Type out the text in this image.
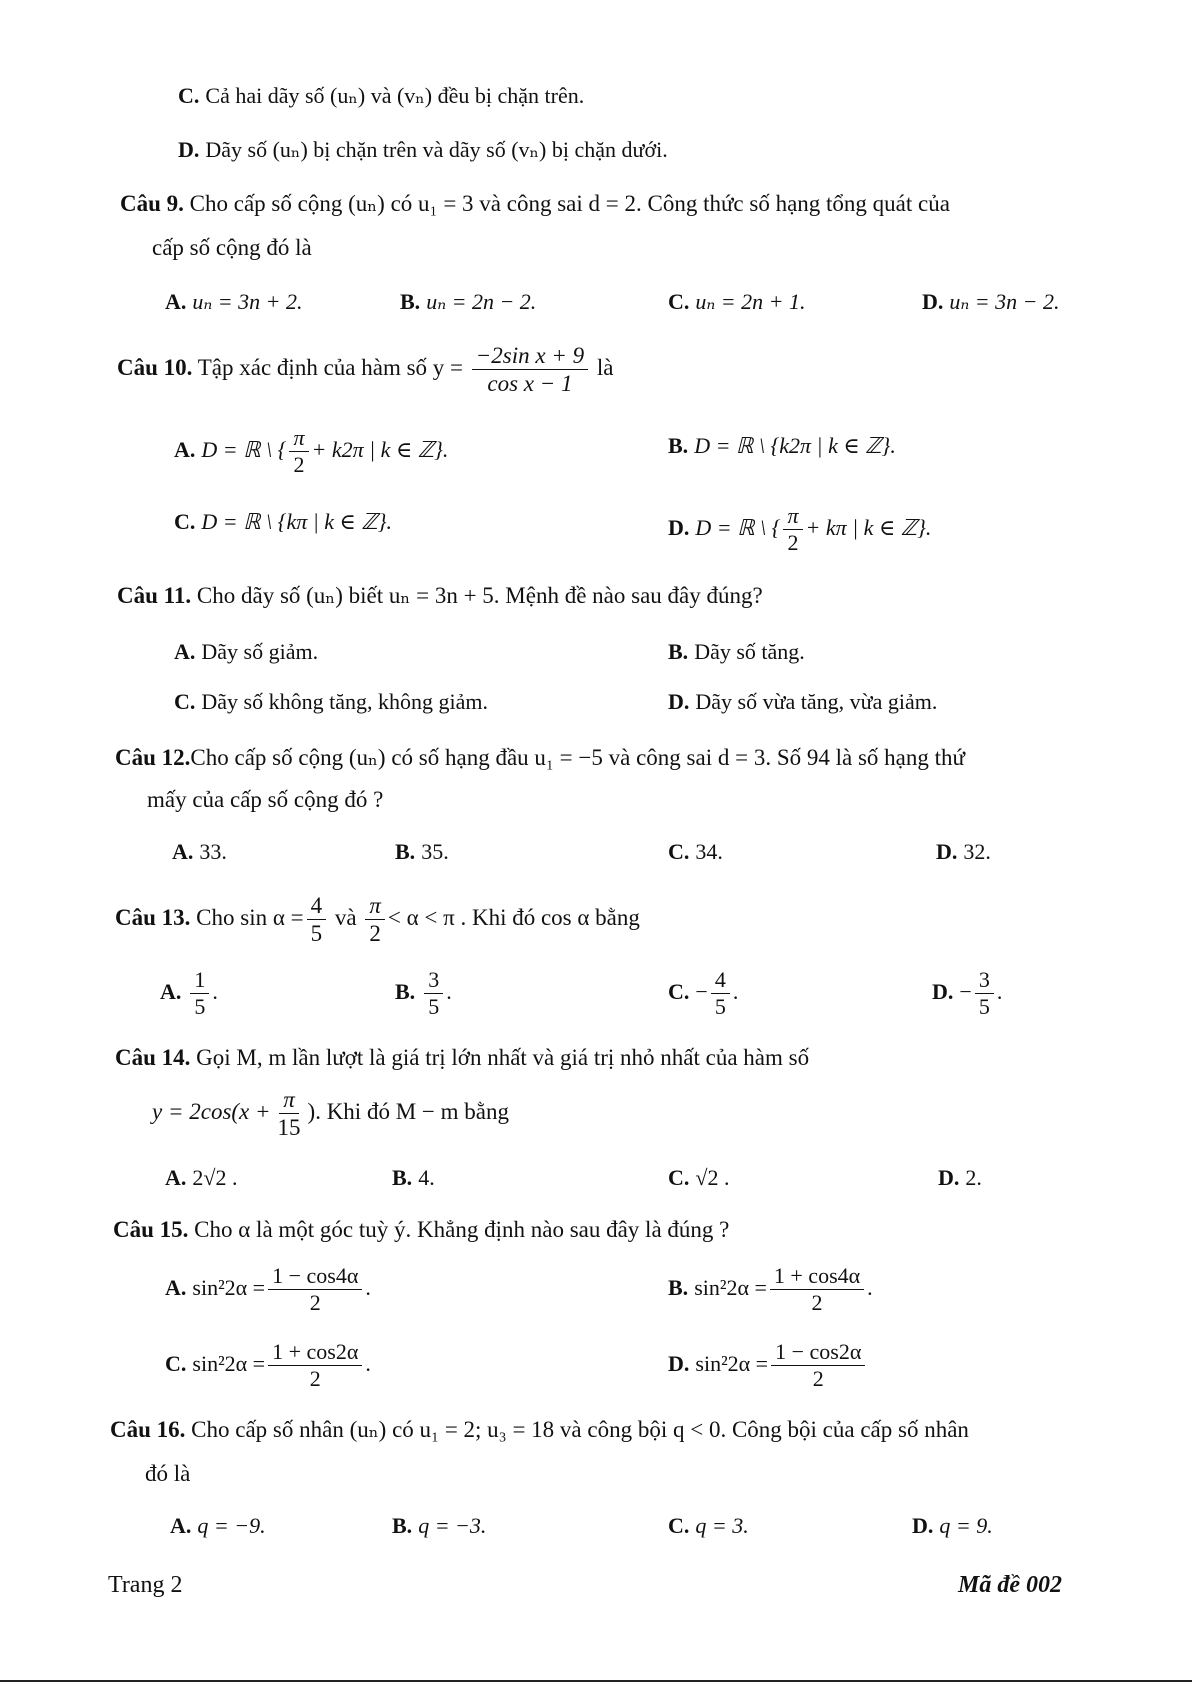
C. Cả hai dãy số (uₙ) và (vₙ) đều bị chặn trên.
D. Dãy số (uₙ) bị chặn trên và dãy số (vₙ) bị chặn dưới.
Câu 9. Cho cấp số cộng (uₙ) có u₁ = 3 và công sai d = 2. Công thức số hạng tổng quát của
cấp số cộng đó là
A. uₙ = 3n + 2.	B. uₙ = 2n − 2.	C. uₙ = 2n + 1.	D. uₙ = 3n − 2.
Câu 10. Tập xác định của hàm số $y = \frac{\text{−2sin x + 9}}{\text{cos x − 1}}$ là
A. D = ℝ \ { $\frac{\pi}{2} + k2\pi$ | k ∈ ℤ}.	B. D = ℝ \ {k2π | k ∈ ℤ}.
C. D = ℝ \ {kπ | k ∈ ℤ}.	D. D = ℝ \ { $\frac{\pi}{2} + k\pi$ | k ∈ ℤ}.
Câu 11. Cho dãy số (uₙ) biết uₙ = 3n + 5. Mệnh đề nào sau đây đúng?
A. Dãy số giảm.	B. Dãy số tăng.
C. Dãy số không tăng, không giảm.	D. Dãy số vừa tăng, vừa giảm.
Câu 12.Cho cấp số cộng (uₙ) có số hạng đầu u₁ = −5 và công sai d = 3. Số 94 là số hạng thứ
mấy của cấp số cộng đó ?
A. 33.	B. 35.	C. 34.	D. 32.
Câu 13. Cho $\sin \alpha = \frac{4}{5}$ và $\frac{\pi}{2} < \alpha < \pi$ . Khi đó cos α bằng
A. $\frac{1}{5}$ .	B. $\frac{3}{5}$ .	C. − $\frac{4}{5}$ .	D. − $\frac{3}{5}$ .
Câu 14. Gọi M, m lần lượt là giá trị lớn nhất và giá trị nhỏ nhất của hàm số
$y = 2\cos(x + \frac{\pi}{15}$ ). Khi đó M − m bằng
A. 2√2 .	B. 4.	C. √2 .	D. 2.
Câu 15. Cho α là một góc tuỳ ý. Khẳng định nào sau đây là đúng ?
A. $\sin^22\alpha = \frac{1 - \cos 4\alpha}{2}$ .	B. $\sin^22\alpha = \frac{1 + \cos 4\alpha}{2}$ .
C. $\sin^22\alpha = \frac{1 + \cos 2\alpha}{2}$ .	D. $\sin^22\alpha = \frac{1 - \cos 2\alpha}{2}$
Câu 16. Cho cấp số nhân (uₙ) có u₁ = 2; u₃ = 18 và công bội q < 0. Công bội của cấp số nhân
đó là
A. q = −9.	B. q = −3.	C. q = 3.	D. q = 9.
Trang 2	Mã đề 002
